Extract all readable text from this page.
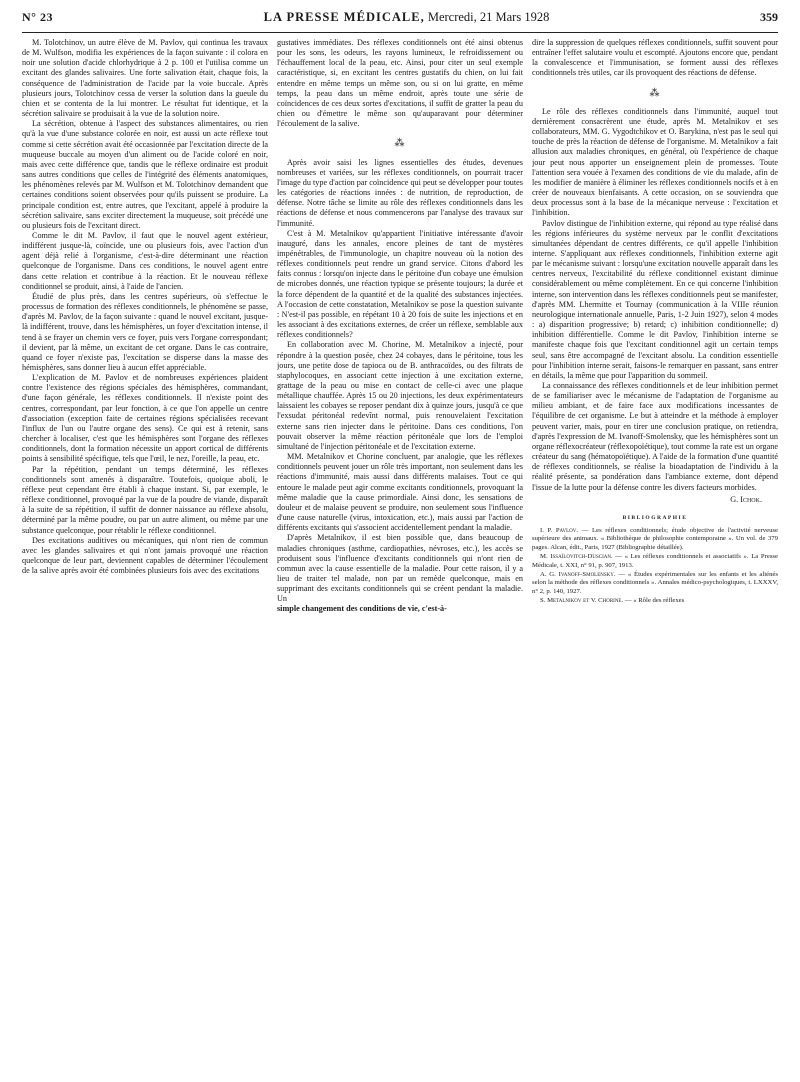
N° 23	LA PRESSE MÉDICALE, Mercredi, 21 Mars 1928	359

M. Tolotchinov, un autre élève de M. Pavlov, qui continua les travaux de M. Wulfson, modifia les expériences de la façon suivante : il colora en noir une solution d'acide chlorhydrique à 2 p. 100 et l'utilisa comme un excitant des glandes salivaires. Une forte salivation était, chaque fois, la conséquence de l'administration de l'acide par la voie buccale. Après plusieurs jours, Tolotchinov cessa de verser la solution dans la gueule du chien et se contenta de la lui montrer. Le résultat fut identique, et la sécrétion salivaire se produisait à la vue de la solution noire.

La sécrétion, obtenue à l'aspect des substances alimentaires, ou rien qu'à la vue d'une substance colorée en noir, est aussi un acte réflexe tout comme si cette sécrétion avait été occasionnée par l'excitation directe de la muqueuse buccale au moyen d'un aliment ou de l'acide coloré en noir, mais avec cette différence que, tandis que le réflexe ordinaire est produit sans autres conditions que celles de l'intégrité des éléments anatomiques, les phénomènes relevés par M. Wulfson et M. Tolotchinov demandent que certaines conditions soient observées pour qu'ils puissent se produire. La principale condition est, entre autres, que l'excitant, appelé à produire la sécrétion salivaire, sans exciter directement la muqueuse, soit précédé une ou plusieurs fois de l'excitant direct.

Comme le dit M. Pavlov, il faut que le nouvel agent extérieur, indifférent jusque-là, coïncide, une ou plusieurs fois, avec l'action d'un agent déjà relié à l'organisme, c'est-à-dire déterminant une réaction quelconque de l'organisme. Dans ces conditions, le nouvel agent entre dans cette relation et contribue à la réaction. Et le nouveau réflexe conditionnel se produit, ainsi, à l'aide de l'ancien.

Étudié de plus près, dans les centres supérieurs, où s'effectue le processus de formation des réflexes conditionnels, le phénomène se passe, d'après M. Pavlov, de la façon suivante : quand le nouvel excitant, jusque-là indifférent, trouve, dans les hémisphères, un foyer d'excitation intense, il tend à se frayer un chemin vers ce foyer, puis vers l'organe correspondant; il devient, par là même, un excitant de cet organe. Dans le cas contraire, quand ce foyer n'existe pas, l'excitation se disperse dans la masse des hémisphères, sans donner lieu à aucun effet appréciable.

L'explication de M. Pavlov et de nombreuses expériences plaident contre l'existence des régions spéciales des hémisphères, commandant, d'une façon générale, les réflexes conditionnels. Il n'existe point des centres, correspondant, par leur fonction, à ce que l'on appelle un centre d'association (exception faite de certaines régions spécialisées recevant l'influx de l'un ou l'autre organe des sens). Ce qui est à retenir, sans chercher à localiser, c'est que les hémisphères sont l'organe des réflexes conditionnels, dont la formation nécessite un apport cortical de différents points à sensibilité spécifique, tels que l'œil, le nez, l'oreille, la peau, etc.

Par la répétition, pendant un temps déterminé, les réflexes conditionnels sont amenés à disparaître. Toutefois, quoique aboli, le réflexe peut cependant être établi à chaque instant. Si, par exemple, le réflexe conditionnel, provoqué par la vue de la poudre de viande, disparaît à la suite de sa répétition, il suffit de donner naissance au réflexe absolu, déterminé par la même poudre, ou par un autre aliment, ou même par une substance quelconque, pour rétablir le réflexe conditionnel.

Des excitations auditives ou mécaniques, qui n'ont rien de commun avec les glandes salivaires et qui n'ont jamais provoqué une réaction quelconque de leur part, deviennent capables de déterminer l'écoulement de la salive après avoir été combinées plusieurs fois avec des excitations

gustatives immédiates. Des réflexes conditionnels ont été ainsi obtenus pour les sons, les odeurs, les rayons lumineux, le refroidissement ou l'échauffement local de la peau, etc. Ainsi, pour citer un seul exemple caractéristique, si, en excitant les centres gustatifs du chien, on lui fait entendre en même temps un même son, ou si on lui gratte, en même temps, la peau dans un même endroit, après toute une série de coïncidences de ces deux sortes d'excitations, il suffit de gratter la peau du chien ou d'émettre le même son qu'auparavant pour déterminer l'écoulement de la salive.

⁂

Après avoir saisi les lignes essentielles des études, devenues nombreuses et variées, sur les réflexes conditionnels, on pourrait tracer l'image du type d'action par coïncidence qui peut se développer pour toutes les catégories de réactions innées : de nutrition, de reproduction, de défense. Notre tâche se limite au rôle des réflexes conditionnels dans les réactions de défense et nous commencerons par l'analyse des travaux sur l'immunité.

C'est à M. Metalnikov qu'appartient l'initiative intéressante d'avoir inauguré, dans les annales, encore pleines de tant de mystères impénétrables, de l'immunologie, un chapitre nouveau où la notion des réflexes conditionnels peut rendre un grand service. Citons d'abord les faits connus : lorsqu'on injecte dans le péritoine d'un cobaye une émulsion de microbes donnés, une réaction typique se présente toujours; la durée et la force dépendent de la quantité et de la qualité des substances injectées. A l'occasion de cette constatation, Metalnikov se pose la question suivante : N'est-il pas possible, en répétant 10 à 20 fois de suite les injections et en les associant à des excitations externes, de créer un réflexe, semblable aux réflexes conditionnels?

En collaboration avec M. Chorine, M. Metalnikov a injecté, pour répondre à la question posée, chez 24 cobayes, dans le péritoine, tous les jours, une petite dose de tapioca ou de B. anthracoïdes, ou des filtrats de staphylocoques, en associant cette injection à une excitation externe, grattage de la peau ou mise en contact de celle-ci avec une plaque métallique chauffée. Après 15 ou 20 injections, les deux expérimentateurs laissaient les cobayes se reposer pendant dix à quinze jours, jusqu'à ce que l'exsudat péritonéal redevînt normal, puis renouvelaient l'excitation externe sans rien injecter dans le péritoine. Dans ces conditions, l'on pouvait observer la même réaction péritonéale que lors de l'emploi simultané de l'injection péritonéale et de l'excitation externe.

MM. Metalnikov et Chorine concluent, par analogie, que les réflexes conditionnels peuvent jouer un rôle très important, non seulement dans les réactions d'immunité, mais aussi dans différents malaises. Tout ce qui entoure le malade peut agir comme excitants conditionnels, provoquant la même maladie que la cause primordiale. Ainsi donc, les sensations de douleur et de malaise peuvent se produire, non seulement sous l'influence d'une cause naturelle (virus, intoxication, etc.), mais aussi par l'action de différents excitants qui s'associent accidentellement pendant la maladie.

D'après Metalnikov, il est bien possible que, dans beaucoup de maladies chroniques (asthme, cardiopathies, névroses, etc.), les accès se produisent sous l'influence d'excitants conditionnels qui n'ont rien de commun avec la cause essentielle de la maladie. Pour cette raison, il y a lieu de traiter tel malade, non par un remède quelconque, mais en supprimant des excitants conditionnels qui se créent pendant la maladie. Un

simple changement des conditions de vie, c'est-à-

dire la suppression de quelques réflexes conditionnels, suffit souvent pour entraîner l'effet salutaire voulu et escompté. Ajoutons encore que, pendant la convalescence et l'immunisation, se forment aussi des réflexes conditionnels très utiles, car ils provoquent des réactions de défense.

⁂

Le rôle des réflexes conditionnels dans l'immunité, auquel tout dernièrement consacrèrent une étude, après M. Metalnikov et ses collaborateurs, MM. G. Vygodtchikov et O. Barykina, n'est pas le seul qui touche de près la réaction de défense de l'organisme. M. Metalnikov a fait allusion aux maladies chroniques, en général, où l'expérience de chaque jour peut nous apporter un enseignement plein de promesses. Toute l'attention sera vouée à l'examen des conditions de vie du malade, afin de les modifier de manière à éliminer les réflexes conditionnels nocifs et à en créer de nouveaux bienfaisants. A cette occasion, on se souviendra que deux processus sont à la base de la mécanique nerveuse : l'excitation et l'inhibition.

Pavlov distingue de l'inhibition externe, qui répond au type réalisé dans les régions inférieures du système nerveux par le conflit d'excitations simultanées dépendant de centres différents, ce qu'il appelle l'inhibition interne. S'appliquant aux réflexes conditionnels, l'inhibition externe agit par le mécanisme suivant : lorsqu'une excitation nouvelle apparaît dans les centres nerveux, l'excitabilité du réflexe conditionnel existant diminue considérablement ou même complètement. En ce qui concerne l'inhibition interne, son intervention dans les réflexes conditionnels peut se manifester, d'après MM. Lhermitte et Tournay (communication à la VIIIe réunion neurologique internationale annuelle, Paris, 1-2 Juin 1927), selon 4 modes : a) disparition progressive; b) retard; c) inhibition conditionnelle; d) inhibition différentielle. Comme le dit Pavlov, l'inhibition interne se manifeste chaque fois que l'excitant conditionnel agit un certain temps seul, sans être accompagné de l'excitant absolu. La condition essentielle pour l'inhibition interne serait, faisons-le remarquer en passant, sans entrer en détails, la même que pour l'apparition du sommeil.

La connaissance des réflexes conditionnels et de leur inhibition permet de se familiariser avec le mécanisme de l'adaptation de l'organisme au milieu ambiant, et de faire face aux modifications incessantes de l'équilibre de cet organisme. Le but à atteindre et la méthode à employer peuvent varier, mais, pour en tirer une conclusion pratique, on retiendra, d'après l'expression de M. Ivanoff-Smolensky, que les hémisphères sont un organe réflexocréateur (réflexopoïétique), tout comme la rate est un organe créateur du sang (hématopoïétique). A l'aide de la formation d'une quantité de réflexes conditionnels, se réalise la bioadaptation de l'individu à la réalité présente, sa pondération dans l'ambiance externe, dont dépend l'issue de la lutte pour la défense contre les divers facteurs morbides.

G. Ichok.
BIBLIOGRAPHIE

I. P. Pavlov. — Les réflexes conditionnels; étude objective de l'activité nerveuse supérieure des animaux. « Bibliothèque de philosophie contemporaine ». Un vol. de 379 pages. Alcan, édit., Paris, 1927 (Bibliographie détaillée).

M. Issaïlovitch-Duscian. — « Les réflexes conditionnels et associatifs ». La Presse Médicale, t. XXI, n° 91, p. 907, 1913.

A. G. Ivanoff-Smolensky. — « Études expérimentales sur les enfants et les aliénés selon la méthode des réflexes conditionnels ». Annales médico-psychologiques, t. LXXXV, n° 2, p. 140, 1927.

S. Metalnikov et V. Chorine. — « Rôle des réflexes
